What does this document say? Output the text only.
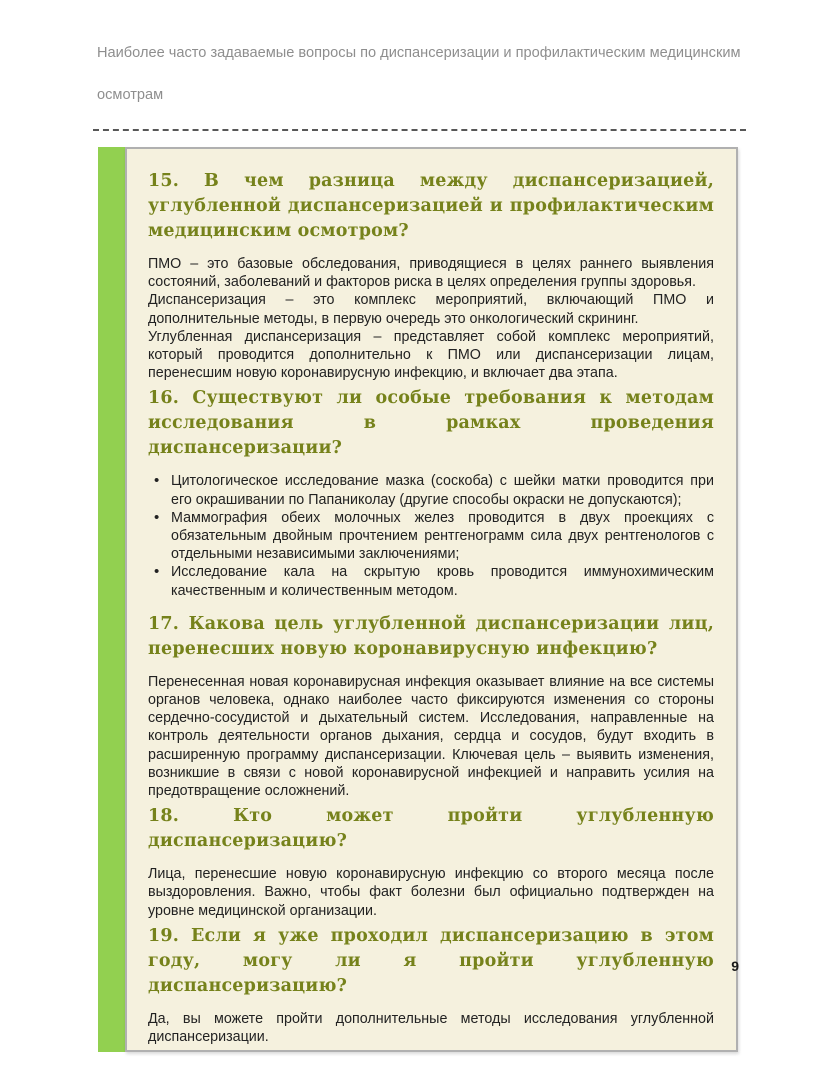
Наиболее часто задаваемые вопросы по диспансеризации и профилактическим медицинским осмотрам

15. В чем разница между диспансеризацией, углубленной диспансеризацией и профилактическим медицинским осмотром?

ПМО – это базовые обследования, приводящиеся в целях раннего выявления состояний, заболеваний и факторов риска в целях определения группы здоровья.

Диспансеризация – это комплекс мероприятий, включающий ПМО и дополнительные методы, в первую очередь это онкологический скрининг.

Углубленная диспансеризация – представляет собой комплекс мероприятий, который проводится дополнительно к ПМО или диспансеризации лицам, перенесшим новую коронавирусную инфекцию, и включает два этапа.

16. Существуют ли особые требования к методам исследования в рамках проведения диспансеризации?
• Цитологическое исследование мазка (соскоба) с шейки матки проводится при его окрашивании по Папаниколау (другие способы окраски не допускаются);
• Маммография обеих молочных желез проводится в двух проекциях с обязательным двойным прочтением рентгенограмм сила двух рентгенологов с отдельными независимыми заключениями;
• Исследование кала на скрытую кровь проводится иммунохимическим качественным и количественным методом.
17. Какова цель углубленной диспансеризации лиц, перенесших новую коронавирусную инфекцию?

Перенесенная новая коронавирусная инфекция оказывает влияние на все системы органов человека, однако наиболее часто фиксируются изменения со стороны сердечно-сосудистой и дыхательный систем. Исследования, направленные на контроль деятельности органов дыхания, сердца и сосудов, будут входить в расширенную программу диспансеризации. Ключевая цель – выявить изменения, возникшие в связи с новой коронавирусной инфекцией и направить усилия на предотвращение осложнений.

18. Кто может пройти углубленную диспансеризацию?

Лица, перенесшие новую коронавирусную инфекцию со второго месяца после выздоровления. Важно, чтобы факт болезни был официально подтвержден на уровне медицинской организации.

19. Если я уже проходил диспансеризацию в этом году, могу ли я пройти углубленную диспансеризацию?

Да, вы можете пройти дополнительные методы исследования углубленной диспансеризации.

9
